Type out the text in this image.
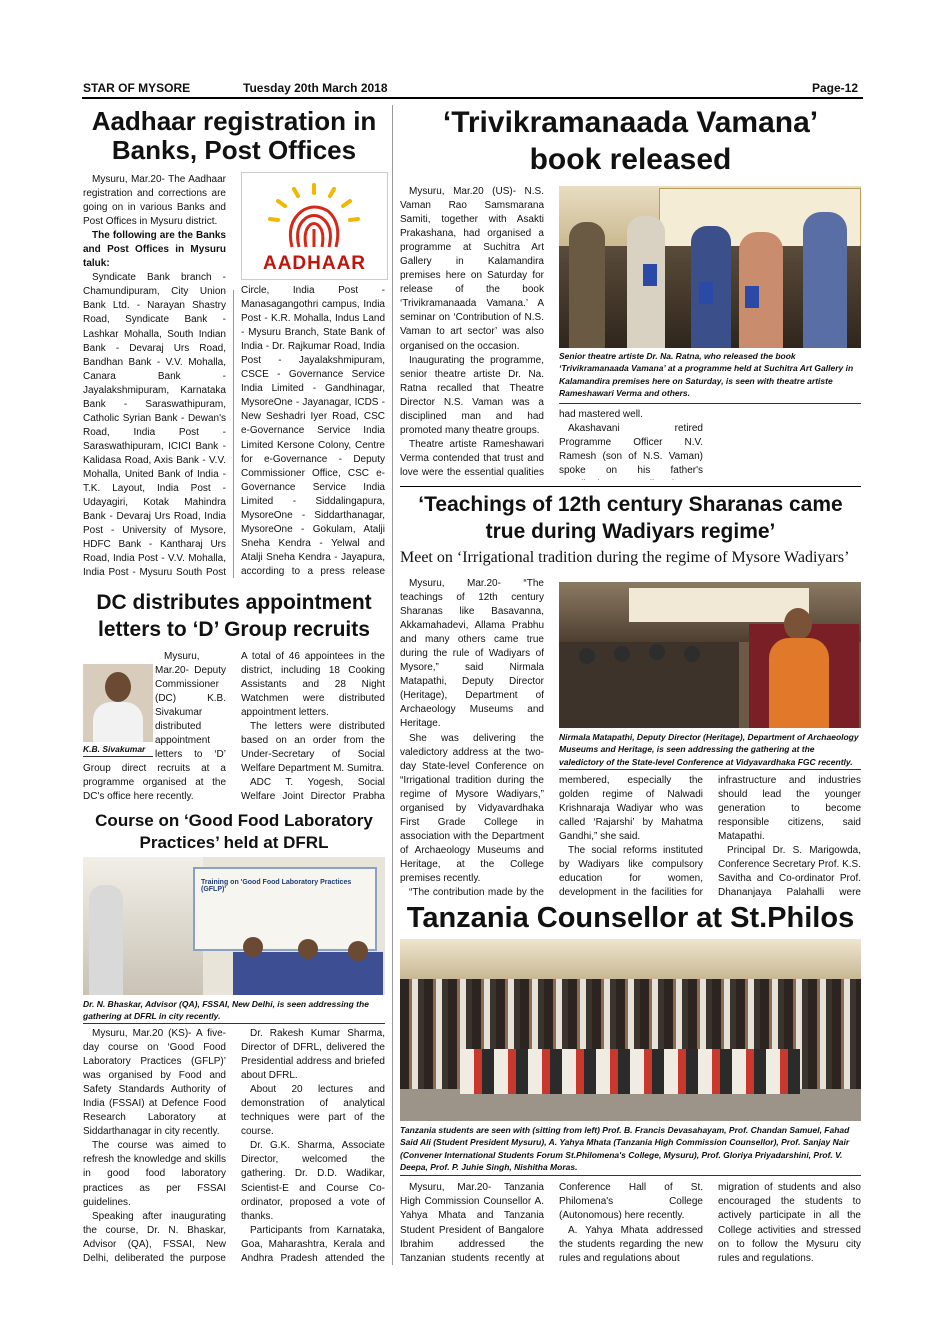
STAR OF MYSORE	Tuesday 20th March 2018	Page-12
Aadhaar registration in
Banks, Post Offices

Mysuru, Mar.20- The Aadhaar registration and corrections are going on in various Banks and Post Offices in Mysuru district.

The following are the Banks and Post Offices in Mysuru taluk:

Syndicate Bank branch - Chamundipuram, City Union Bank Ltd. - Narayan Shastry Road, Syndicate Bank - Lashkar Mohalla, South Indian Bank - Devaraj Urs Road, Bandhan Bank - V.V. Mohalla, Canara Bank - Jayalakshmipuram, Karnataka Bank - Saraswathipuram, Catholic Syrian Bank - Dewan's Road, India Post - Saraswathipuram, ICICI Bank - Kalidasa Road, Axis Bank - V.V. Mohalla, United Bank of India - T.K. Layout, India Post - Udayagiri, Kotak Mahindra Bank - Devaraj Urs Road, India Post - University of Mysore, HDFC Bank - Kantharaj Urs Road, India Post - V.V. Mohalla, India Post - Mysuru South Post

AADHAAR

Circle, India Post - Manasagangothri campus, India Post - K.R. Mohalla, Indus Land - Mysuru Branch, State Bank of India - Dr. Rajkumar Road, India Post - Jayalakshmipuram, CSCE - Governance Service India Limited - Gandhinagar, MysoreOne - Jayanagar, ICDS - New Seshadri Iyer Road, CSC e-Governance Service India Limited Kersone Colony, Centre for e-Governance - Deputy Commissioner Office, CSC e-Governance Service India Limited - Siddalingapura, MysoreOne - Siddarthanagar, MysoreOne - Gokulam, Atalji Sneha Kendra - Yelwal and Atalji Sneha Kendra - Jayapura, according to a press release

‘Trivikramanaada Vamana’
book released

Mysuru, Mar.20 (US)- N.S. Vaman Rao Samsmarana Samiti, together with Asakti Prakashana, had organised a programme at Suchitra Art Gallery in Kalamandira premises here on Saturday for release of the book ‘Trivikramanaada Vamana.’ A seminar on ‘Contribution of N.S. Vaman to art sector’ was also organised on the occasion.

Inaugurating the programme, senior theatre artiste Dr. Na. Ratna recalled that Theatre Director N.S. Vaman was a disciplined man and had promoted many theatre groups.

Theatre artiste Rameshawari Verma contended that trust and love were the essential qualities

Senior theatre artiste Dr. Na. Ratna, who released the book ‘Trivikramanaada Vamana’ at a programme held at Suchitra Art Gallery in Kalamandira premises here on Saturday, is seen with theatre artiste Rameshawari Verma and others.

had mastered well.

Akashavani retired Programme Officer N.V. Ramesh (son of N.S. Vaman) spoke on his father's

DC distributes appointment
letters to ‘D’ Group recruits
K.B. Sivakumar

Mysuru, Mar.20- Deputy Commissioner (DC) K.B. Sivakumar distributed appointment letters to ‘D’ Group direct recruits at a programme organised at the DC's office here recently.

A total of 46 appointees in the district, including 18 Cooking Assistants and 28 Night Watchmen were distributed appointment letters.

The letters were distributed based on an order from the Under-Secretary of Social Welfare Department M. Sumitra.

ADC T. Yogesh, Social Welfare Joint Director Prabha

Course on ‘Good Food Laboratory
Practices’ held at DFRL
Training on 'Good Food Laboratory Practices (GFLP)'
Dr. N. Bhaskar, Advisor (QA), FSSAI, New Delhi, is seen addressing the gathering at DFRL in city recently.

Mysuru, Mar.20 (KS)- A five-day course on ‘Good Food Laboratory Practices (GFLP)’ was organised by Food and Safety Standards Authority of India (FSSAI) at Defence Food Research Laboratory at Siddarthanagar in city recently.

The course was aimed to refresh the knowledge and skills in good food laboratory practices as per FSSAI guidelines.

Speaking after inaugurating the course, Dr. N. Bhaskar, Advisor (QA), FSSAI, New Delhi, deliberated the purpose

Dr. Rakesh Kumar Sharma, Director of DFRL, delivered the Presidential address and briefed about DFRL.

About 20 lectures and demonstration of analytical techniques were part of the course.

Dr. G.K. Sharma, Associate Director, welcomed the gathering. Dr. D.D. Wadikar, Scientist-E and Course Co-ordinator, proposed a vote of thanks.

Participants from Karnataka, Goa, Maharashtra, Kerala and Andhra Pradesh attended the

‘Teachings of 12th century Sharanas came
true during Wadiyars regime’
Meet on ‘Irrigational tradition during the regime of Mysore Wadiyars’

Mysuru, Mar.20- “The teachings of 12th century Sharanas like Basavanna, Akkamahadevi, Allama Prabhu and many others came true during the rule of Wadiyars of Mysore,” said Nirmala Matapathi, Deputy Director (Heritage), Department of Archaeology Museums and Heritage.

She was delivering the valedictory address at the two-day State-level Conference on “Irrigational tradition during the regime of Mysore Wadiyars,” organised by Vidyavardhaka First Grade College in association with the Department of Archaeology Museums and Heritage, at the College premises recently.

“The contribution made by the

Nirmala Matapathi, Deputy Director (Heritage), Department of Archaeology Museums and Heritage, is seen addressing the gathering at the valedictory of the State-level Conference at Vidyavardhaka FGC recently.

membered, especially the golden regime of Nalwadi Krishnaraja Wadiyar who was called ‘Rajarshi’ by Mahatma Gandhi,” she said.

The social reforms instituted by Wadiyars like compulsory education for women, development in the facilities for

infrastructure and industries should lead the younger generation to become responsible citizens, said Matapathi.

Principal Dr. S. Marigowda, Conference Secretary Prof. K.S. Savitha and Co-ordinator Prof. Dhananjaya Palahalli were

Tanzania Counsellor at St.Philos
Tanzania students are seen with (sitting from left) Prof. B. Francis Devasahayam, Prof. Chandan Samuel, Fahad Said Ali (Student President Mysuru), A. Yahya Mhata (Tanzania High Commission Counsellor), Prof. Sanjay Nair (Convener International Students Forum St.Philomena's College, Mysuru), Prof. Gloriya Priyadarshini, Prof. V. Deepa, Prof. P. Juhie Singh, Nishitha Moras.

Mysuru, Mar.20- Tanzania High Commission Counsellor A. Yahya Mhata and Tanzania Student President of Bangalore Ibrahim addressed the Tanzanian students recently at

Conference Hall of St. Philomena's College (Autonomous) here recently.

A. Yahya Mhata addressed the students regarding the new rules and regulations about

migration of students and also encouraged the students to actively participate in all the College activities and stressed on to follow the Mysuru city rules and regulations.
